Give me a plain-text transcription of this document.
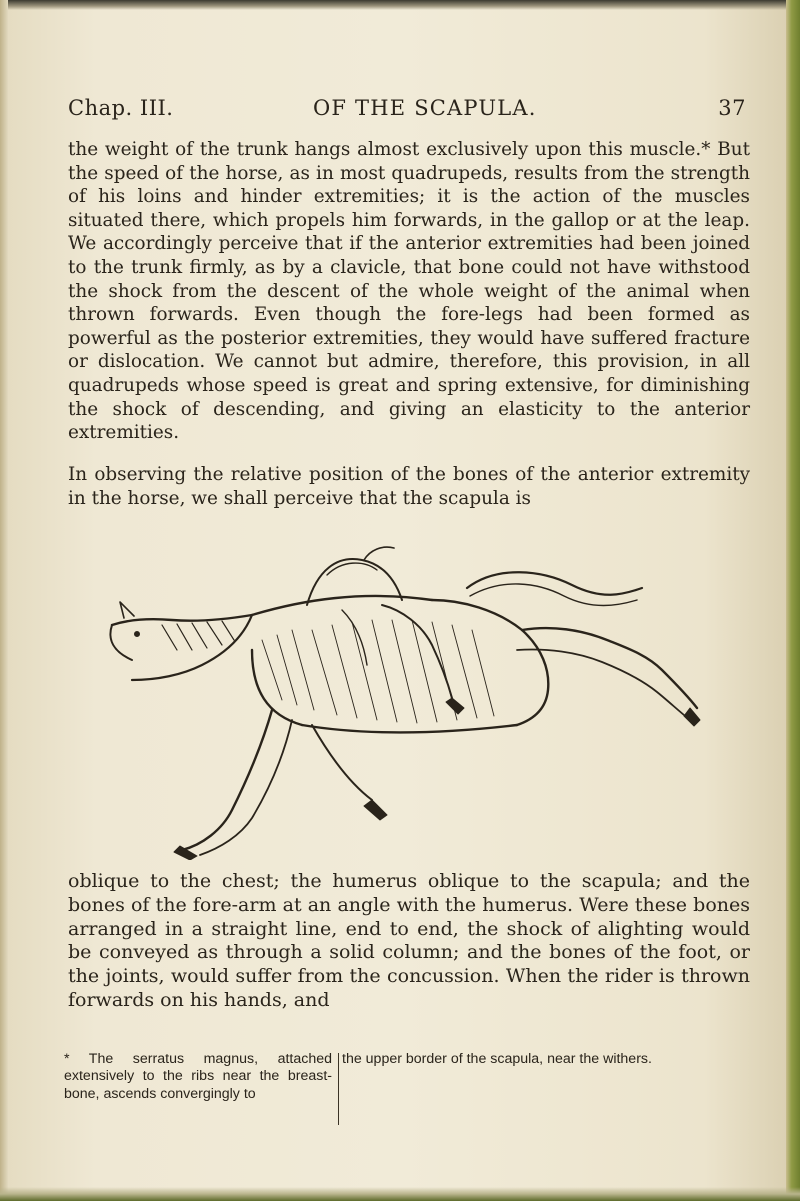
Chap. III.	OF THE SCAPULA.	37

the weight of the trunk hangs almost exclusively upon this muscle.* But the speed of the horse, as in most quadrupeds, results from the strength of his loins and hinder extremities; it is the action of the muscles situated there, which propels him forwards, in the gallop or at the leap. We accordingly perceive that if the anterior extremities had been joined to the trunk firmly, as by a clavicle, that bone could not have withstood the shock from the descent of the whole weight of the animal when thrown forwards. Even though the fore-legs had been formed as powerful as the posterior extremities, they would have suffered fracture or dislocation. We cannot but admire, therefore, this provision, in all quadrupeds whose speed is great and spring extensive, for diminishing the shock of descending, and giving an elasticity to the anterior extremities.

In observing the relative position of the bones of the anterior extremity in the horse, we shall perceive that the scapula is

oblique to the chest; the humerus oblique to the scapula; and the bones of the fore-arm at an angle with the humerus. Were these bones arranged in a straight line, end to end, the shock of alighting would be conveyed as through a solid column; and the bones of the foot, or the joints, would suffer from the concussion. When the rider is thrown forwards on his hands, and

* The serratus magnus, attached extensively to the ribs near the breast-bone, ascends convergingly to
the upper border of the scapula, near the withers.
